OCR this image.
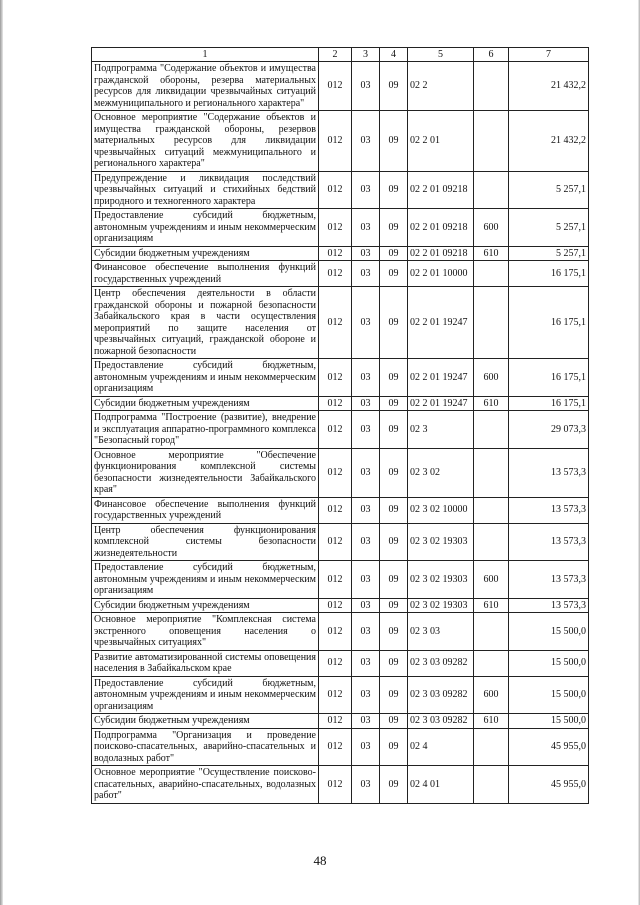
1	2	3	4	5	6	7
Подпрограмма "Содержание объектов и имущества гражданской обороны, резерва материальных ресурсов для ликвидации чрезвычайных ситуаций межмуниципального и регионального характера"	012	03	09	02 2		21 432,2
Основное мероприятие "Содержание объектов и имущества гражданской обороны, резервов материальных ресурсов для ликвидации чрезвычайных ситуаций межмуниципального и регионального характера"	012	03	09	02 2 01		21 432,2
Предупреждение и ликвидация последствий чрезвычайных ситуаций и стихийных бедствий природного и техногенного характера	012	03	09	02 2 01 09218		5 257,1
Предоставление субсидий бюджетным, автономным учреждениям и иным некоммерческим организациям	012	03	09	02 2 01 09218	600	5 257,1
Субсидии бюджетным учреждениям	012	03	09	02 2 01 09218	610	5 257,1
Финансовое обеспечение выполнения функций государственных учреждений	012	03	09	02 2 01 10000		16 175,1
Центр обеспечения деятельности в области гражданской обороны и пожарной безопасности Забайкальского края в части осуществления мероприятий по защите населения от чрезвычайных ситуаций, гражданской обороне и пожарной безопасности	012	03	09	02 2 01 19247		16 175,1
Предоставление субсидий бюджетным, автономным учреждениям и иным некоммерческим организациям	012	03	09	02 2 01 19247	600	16 175,1
Субсидии бюджетным учреждениям	012	03	09	02 2 01 19247	610	16 175,1
Подпрограмма "Построение (развитие), внедрение и эксплуатация аппаратно-программного комплекса "Безопасный город"	012	03	09	02 3		29 073,3
Основное мероприятие "Обеспечение функционирования комплексной системы безопасности жизнедеятельности Забайкальского края"	012	03	09	02 3 02		13 573,3
Финансовое обеспечение выполнения функций государственных учреждений	012	03	09	02 3 02 10000		13 573,3
Центр обеспечения функционирования комплексной системы безопасности жизнедеятельности	012	03	09	02 3 02 19303		13 573,3
Предоставление субсидий бюджетным, автономным учреждениям и иным некоммерческим организациям	012	03	09	02 3 02 19303	600	13 573,3
Субсидии бюджетным учреждениям	012	03	09	02 3 02 19303	610	13 573,3
Основное мероприятие "Комплексная система экстренного оповещения населения о чрезвычайных ситуациях"	012	03	09	02 3 03		15 500,0
Развитие автоматизированной системы оповещения населения в Забайкальском крае	012	03	09	02 3 03 09282		15 500,0
Предоставление субсидий бюджетным, автономным учреждениям и иным некоммерческим организациям	012	03	09	02 3 03 09282	600	15 500,0
Субсидии бюджетным учреждениям	012	03	09	02 3 03 09282	610	15 500,0
Подпрограмма "Организация и проведение поисково-спасательных, аварийно-спасательных и водолазных работ"	012	03	09	02 4		45 955,0
Основное мероприятие "Осуществление поисково-спасательных, аварийно-спасательных, водолазных работ"	012	03	09	02 4 01		45 955,0
48
